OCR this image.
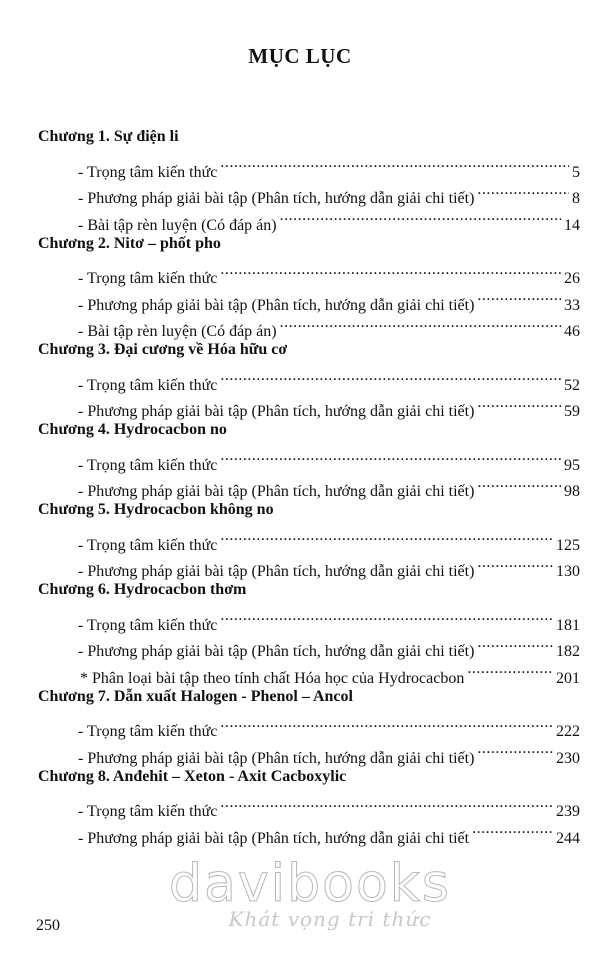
MỤC LỤC
Chương 1. Sự điện li
- Trọng tâm kiến thức .....	5
- Phương pháp giải bài tập (Phân tích, hướng dẫn giải chi tiết) .....	8
- Bài tập rèn luyện (Có đáp án) .....	14
Chương 2. Nitơ – phốt pho
- Trọng tâm kiến thức .....	26
- Phương pháp giải bài tập (Phân tích, hướng dẫn giải chi tiết) .....	33
- Bài tập rèn luyện (Có đáp án) .....	46
Chương 3. Đại cương về Hóa hữu cơ
- Trọng tâm kiến thức .....	52
- Phương pháp giải bài tập (Phân tích, hướng dẫn giải chi tiết) .....	59
Chương 4. Hydrocacbon no
- Trọng tâm kiến thức .....	95
- Phương pháp giải bài tập (Phân tích, hướng dẫn giải chi tiết) .....	98
Chương 5. Hydrocacbon không no
- Trọng tâm kiến thức .....	125
- Phương pháp giải bài tập (Phân tích, hướng dẫn giải chi tiết) .....	130
Chương 6. Hydrocacbon thơm
- Trọng tâm kiến thức .....	181
- Phương pháp giải bài tập (Phân tích, hướng dẫn giải chi tiết) .....	182
* Phân loại bài tập theo tính chất Hóa học của Hydrocacbon .....	201
Chương 7. Dẫn xuất Halogen - Phenol – Ancol
- Trọng tâm kiến thức .....	222
- Phương pháp giải bài tập (Phân tích, hướng dẫn giải chi tiết) .....	230
Chương 8. Anđehit – Xeton - Axit Cacboxylic
- Trọng tâm kiến thức .....	239
- Phương pháp giải bài tập (Phân tích, hướng dẫn giải chi tiết .....	244
davibooks
Khát vọng tri thức
250
